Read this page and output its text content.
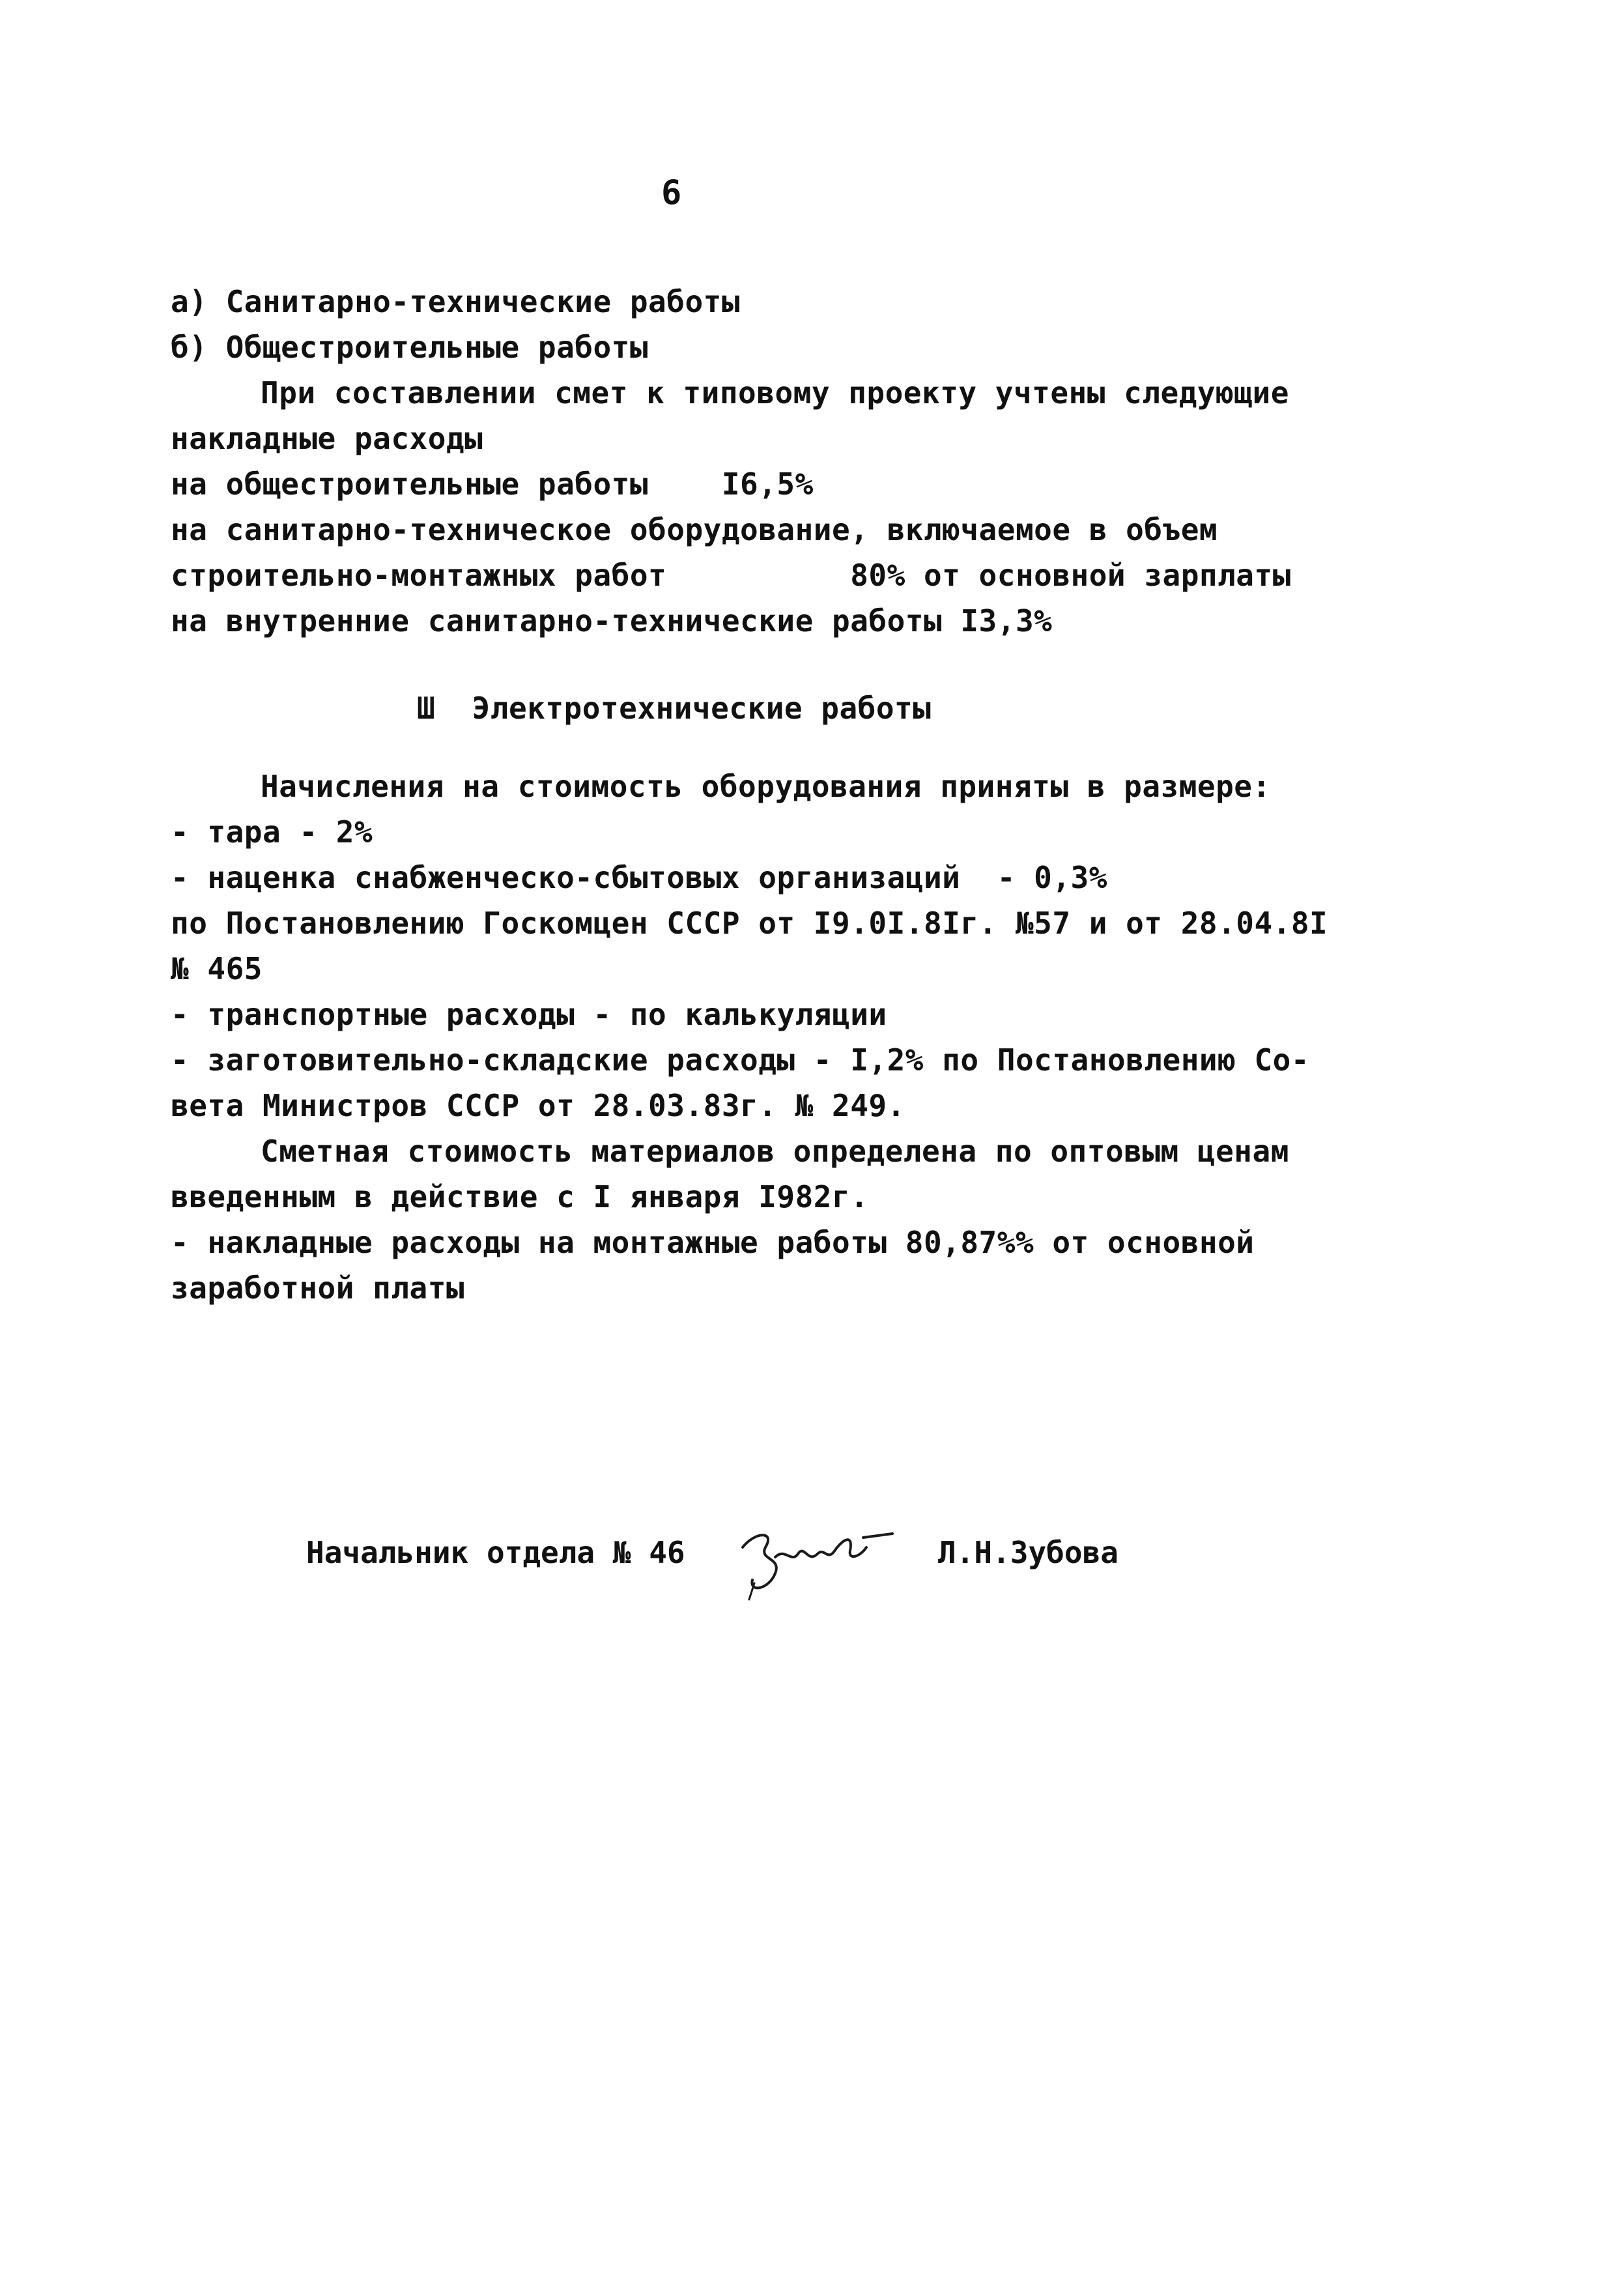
6
а) Санитарно-технические работы
б) Общестроительные работы
При составлении смет к типовому проекту учтены следующие
накладные расходы
на общестроительные работы    I6,5%
на санитарно-техническое оборудование, включаемое в объем
строительно-монтажных работ          80% от основной зарплаты
на внутренние санитарно-технические работы I3,3%
Ш  Электротехнические работы
Начисления на стоимость оборудования приняты в размере:
- тара - 2%
- наценка снабженческо-сбытовых организаций  - 0,3%
по Постановлению Госкомцен СССР от I9.0I.8Iг. №57 и от 28.04.8I
№ 465
- транспортные расходы - по калькуляции
- заготовительно-складские расходы - I,2% по Постановлению Со-
вета Министров СССР от 28.03.83г. № 249.
Сметная стоимость материалов определена по оптовым ценам
введенным в действие с I января I982г.
- накладные расходы на монтажные работы 80,87%% от основной
заработной платы
Начальник отдела № 46	Л.Н.Зубова
